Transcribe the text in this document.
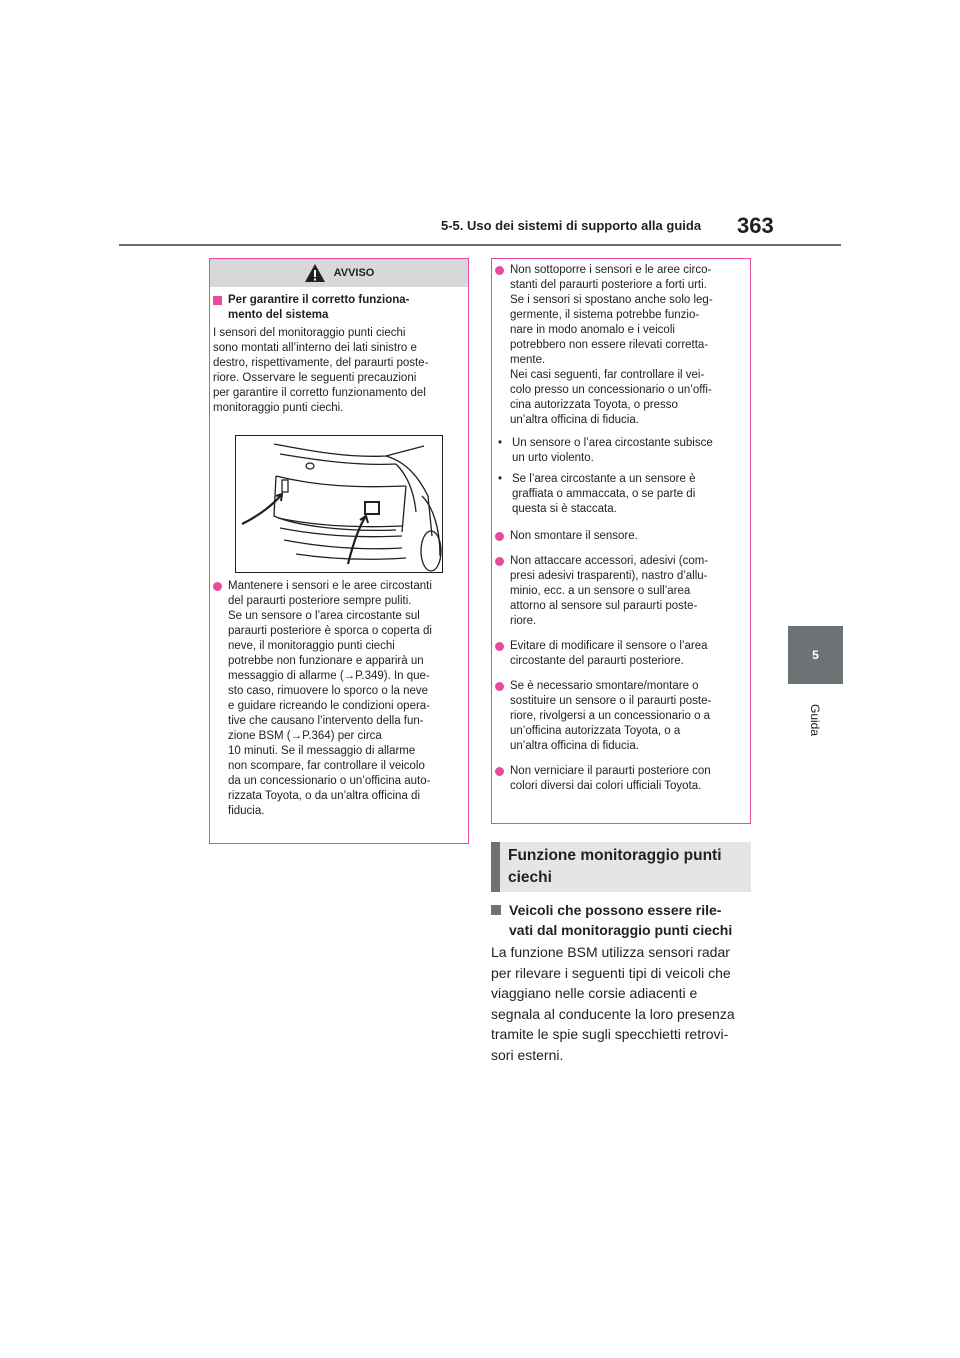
5-5. Uso dei sistemi di supporto alla guida 363
5
Guida
AVVISO
Per garantire il corretto funziona-
mento del sistema
I sensori del monitoraggio punti ciechi
sono montati all’interno dei lati sinistro e
destro, rispettivamente, del paraurti poste-
riore. Osservare le seguenti precauzioni
per garantire il corretto funzionamento del
monitoraggio punti ciechi.
Mantenere i sensori e le aree circostanti
del paraurti posteriore sempre puliti.
Se un sensore o l’area circostante sul
paraurti posteriore è sporca o coperta di
neve, il monitoraggio punti ciechi
potrebbe non funzionare e apparirà un
messaggio di allarme (→P.349). In que-
sto caso, rimuovere lo sporco o la neve
e guidare ricreando le condizioni opera-
tive che causano l’intervento della fun-
zione BSM (→P.364) per circa
10 minuti. Se il messaggio di allarme
non scompare, far controllare il veicolo
da un concessionario o un’officina auto-
rizzata Toyota, o da un’altra officina di
fiducia.
Non sottoporre i sensori e le aree circo-
stanti del paraurti posteriore a forti urti.
Se i sensori si spostano anche solo leg-
germente, il sistema potrebbe funzio-
nare in modo anomalo e i veicoli
potrebbero non essere rilevati corretta-
mente.
Nei casi seguenti, far controllare il vei-
colo presso un concessionario o un’offi-
cina autorizzata Toyota, o presso
un’altra officina di fiducia.
• Un sensore o l’area circostante subisce
un urto violento.
• Se l’area circostante a un sensore è
graffiata o ammaccata, o se parte di
questa si è staccata.
Non smontare il sensore.
Non attaccare accessori, adesivi (com-
presi adesivi trasparenti), nastro d’allu-
minio, ecc. a un sensore o sull’area
attorno al sensore sul paraurti poste-
riore.
Evitare di modificare il sensore o l’area
circostante del paraurti posteriore.
Se è necessario smontare/montare o
sostituire un sensore o il paraurti poste-
riore, rivolgersi a un concessionario o a
un’officina autorizzata Toyota, o a
un’altra officina di fiducia.
Non verniciare il paraurti posteriore con
colori diversi dai colori ufficiali Toyota.
Funzione monitoraggio punti
ciechi
Veicoli che possono essere rile-
vati dal monitoraggio punti ciechi
La funzione BSM utilizza sensori radar
per rilevare i seguenti tipi di veicoli che
viaggiano nelle corsie adiacenti e
segnala al conducente la loro presenza
tramite le spie sugli specchietti retrovi-
sori esterni.
